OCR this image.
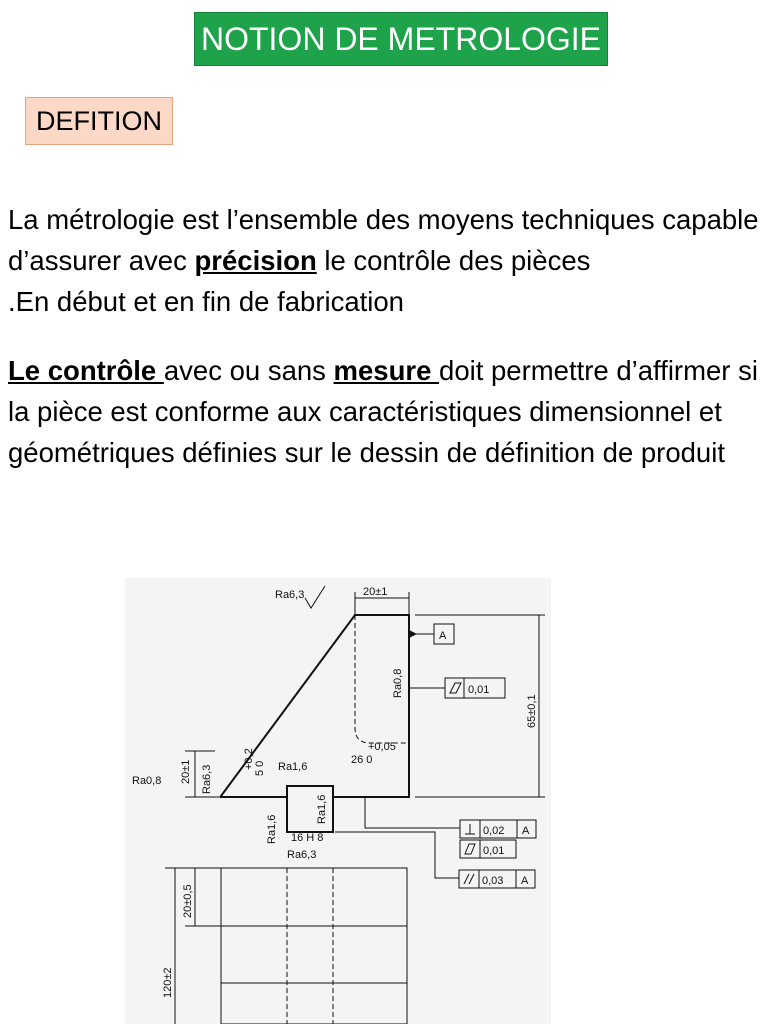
NOTION DE METROLOGIE
DEFITION
La métrologie est l’ensemble des moyens techniques capable d’assurer avec précision le contrôle des pièces
.En début et en fin de fabrication
Le contrôle avec ou sans mesure doit permettre d’affirmer si la pièce est conforme aux caractéristiques dimensionnel et géométriques définies sur le dessin de définition de produit
A
0,01
0,02 A
0,01
0,03 A
20±1
Ra6,3
Ra0,8
65±0,1
+0,2 5 0
+0,05
26 0
Ra1,6
20±1 Ra6,3
Ra0,8
Ra1,6
Ra1,6
16 H 8
Ra6,3
20±0,5
120±2
